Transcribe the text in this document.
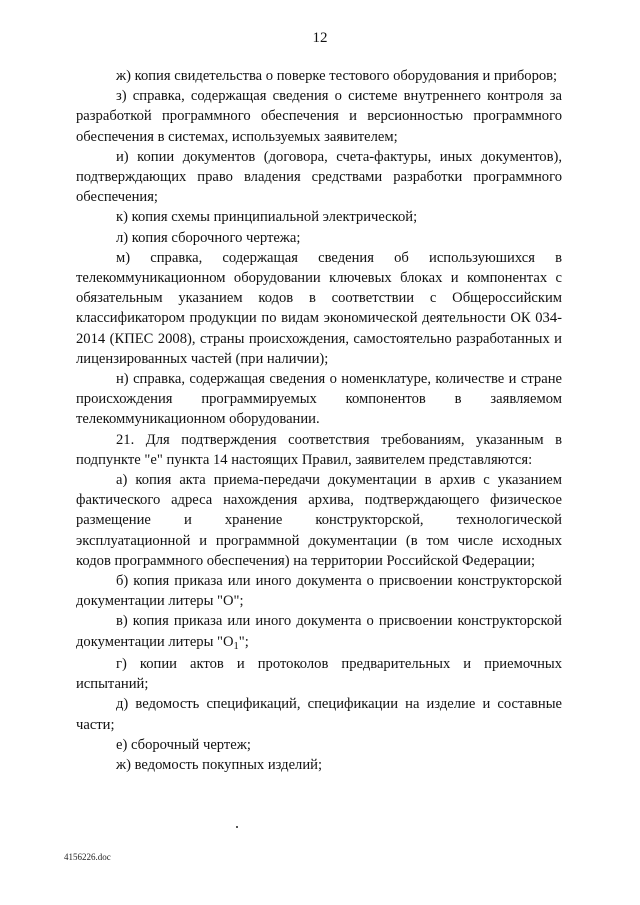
12

ж) копия свидетельства о поверке тестового оборудования и приборов;

з) справка, содержащая сведения о системе внутреннего контроля за разработкой программного обеспечения и версионностью программного обеспечения в системах, используемых заявителем;

и) копии документов (договора, счета-фактуры, иных документов), подтверждающих право владения средствами разработки программного обеспечения;

к) копия схемы принципиальной электрической;

л) копия сборочного чертежа;

м) справка, содержащая сведения об используюшихся в телекоммуникационном оборудовании ключевых блоках и компонентах с обязательным указанием кодов в соответствии с Общероссийским классификатором продукции по видам экономической деятельности ОК 034-2014 (КПЕС 2008), страны происхождения, самостоятельно разработанных и лицензированных частей (при наличии);

н) справка, содержащая сведения о номенклатуре, количестве и стране происхождения программируемых компонентов в заявляемом телекоммуникационном оборудовании.

21. Для подтверждения соответствия требованиям, указанным в подпункте "е" пункта 14 настоящих Правил, заявителем представляются:

а) копия акта приема-передачи документации в архив с указанием фактического адреса нахождения архива, подтверждающего физическое размещение и хранение конструкторской, технологической эксплуатационной и программной документации (в том числе исходных кодов программного обеспечения) на территории Российской Федерации;

б) копия приказа или иного документа о присвоении конструкторской документации литеры "О";

в) копия приказа или иного документа о присвоении конструкторской документации литеры "$О_1$";

г) копии актов и протоколов предварительных и приемочных испытаний;

д) ведомость спецификаций, спецификации на изделие и составные части;

е) сборочный чертеж;

ж) ведомость покупных изделий;

4156226.doc
